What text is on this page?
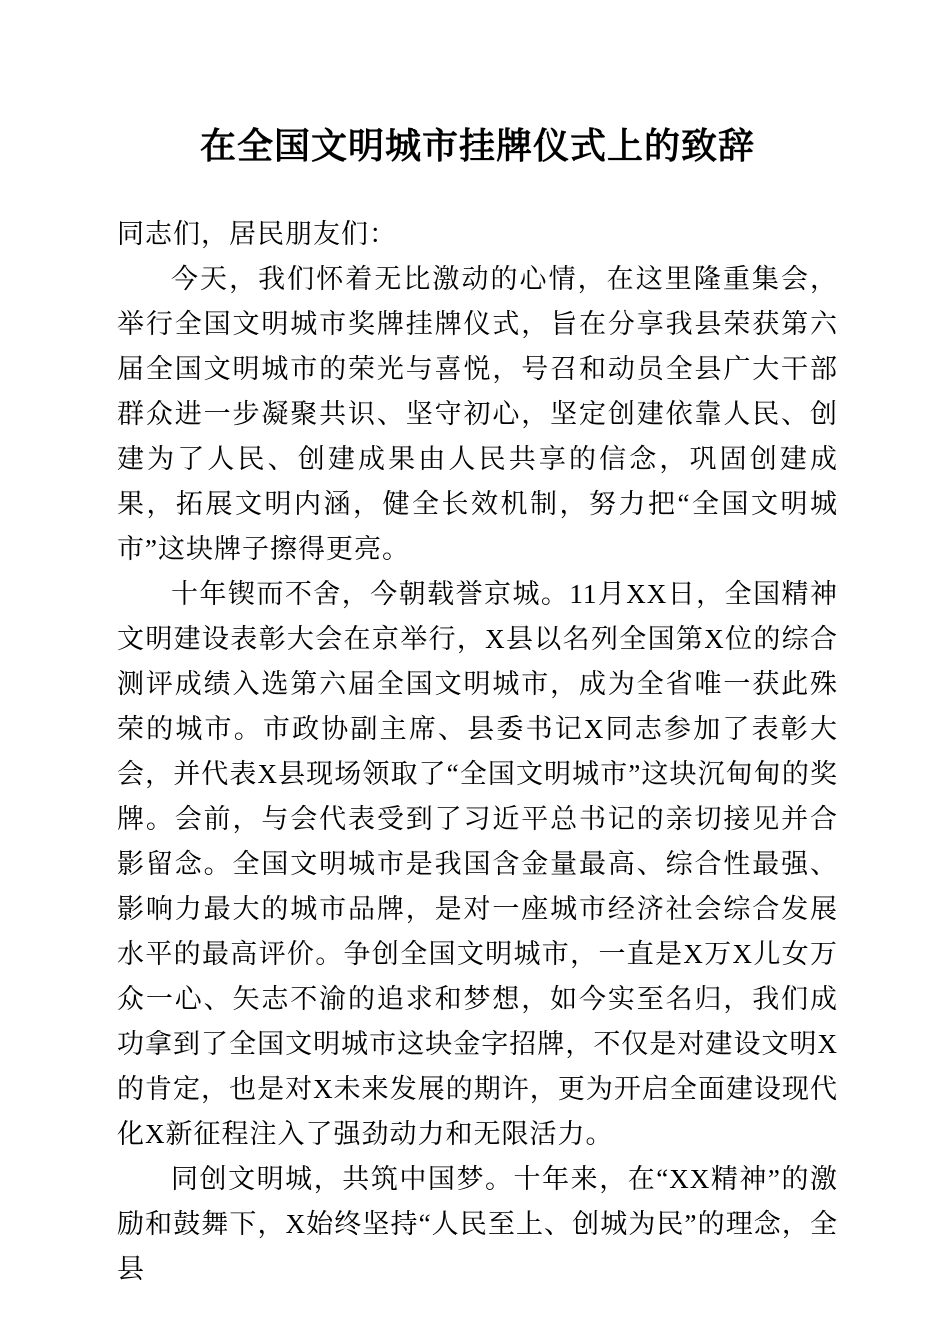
在全国文明城市挂牌仪式上的致辞

同志们，居民朋友们：

今天，我们怀着无比激动的心情，在这里隆重集会，举行全国文明城市奖牌挂牌仪式，旨在分享我县荣获第六届全国文明城市的荣光与喜悦，号召和动员全县广大干部群众进一步凝聚共识、坚守初心，坚定创建依靠人民、创建为了人民、创建成果由人民共享的信念，巩固创建成果，拓展文明内涵，健全长效机制，努力把“全国文明城市”这块牌子擦得更亮。

十年锲而不舍，今朝载誉京城。11月XX日，全国精神文明建设表彰大会在京举行，X县以名列全国第X位的综合测评成绩入选第六届全国文明城市，成为全省唯一获此殊荣的城市。市政协副主席、县委书记X同志参加了表彰大会，并代表X县现场领取了“全国文明城市”这块沉甸甸的奖牌。会前，与会代表受到了习近平总书记的亲切接见并合影留念。全国文明城市是我国含金量最高、综合性最强、影响力最大的城市品牌，是对一座城市经济社会综合发展水平的最高评价。争创全国文明城市，一直是X万X儿女万众一心、矢志不渝的追求和梦想，如今实至名归，我们成功拿到了全国文明城市这块金字招牌，不仅是对建设文明X的肯定，也是对X未来发展的期许，更为开启全面建设现代化X新征程注入了强劲动力和无限活力。

同创文明城，共筑中国梦。十年来，在“XX精神”的激励和鼓舞下，X始终坚持“人民至上、创城为民”的理念，全县
